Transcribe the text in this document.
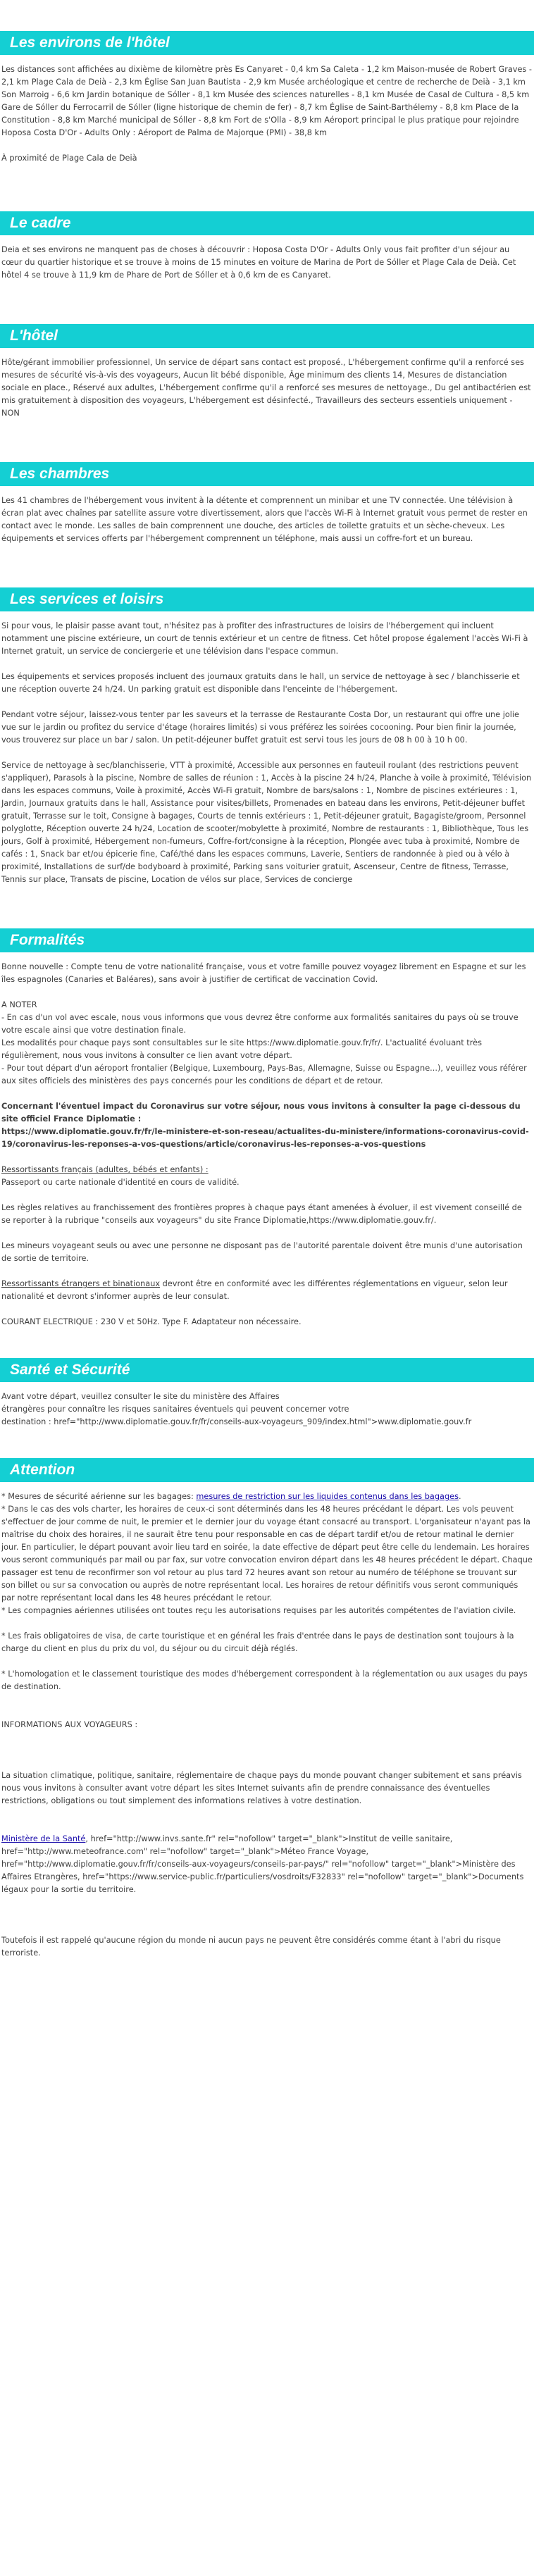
Les environs de l'hôtel

Les distances sont affichées au dixième de kilomètre près Es Canyaret - 0,4 km Sa Caleta - 1,2 km Maison-musée de Robert Graves - 2,1 km Plage Cala de Deià - 2,3 km Église San Juan Bautista - 2,9 km Musée archéologique et centre de recherche de Deià - 3,1 km Son Marroig - 6,6 km Jardin botanique de Sóller - 8,1 km Musée des sciences naturelles - 8,1 km Musée de Casal de Cultura - 8,5 km Gare de Sóller du Ferrocarril de Sóller (ligne historique de chemin de fer) - 8,7 km Église de Saint-Barthélemy - 8,8 km Place de la Constitution - 8,8 km Marché municipal de Sóller - 8,8 km Fort de s'Olla - 8,9 km Aéroport principal le plus pratique pour rejoindre Hoposa Costa D'Or - Adults Only : Aéroport de Palma de Majorque (PMI) - 38,8 km

À proximité de Plage Cala de Deià

Le cadre

Deia et ses environs ne manquent pas de choses à découvrir : Hoposa Costa D'Or - Adults Only vous fait profiter d'un séjour au cœur du quartier historique et se trouve à moins de 15 minutes en voiture de Marina de Port de Sóller et Plage Cala de Deià. Cet hôtel 4 se trouve à 11,9 km de Phare de Port de Sóller et à 0,6 km de es Canyaret.

L'hôtel

Hôte/gérant immobilier professionnel, Un service de départ sans contact est proposé., L'hébergement confirme qu'il a renforcé ses mesures de sécurité vis-à-vis des voyageurs, Aucun lit bébé disponible, Âge minimum des clients 14, Mesures de distanciation sociale en place., Réservé aux adultes, L'hébergement confirme qu'il a renforcé ses mesures de nettoyage., Du gel antibactérien est mis gratuitement à disposition des voyageurs, L'hébergement est désinfecté., Travailleurs des secteurs essentiels uniquement - NON

Les chambres

Les 41 chambres de l'hébergement vous invitent à la détente et comprennent un minibar et une TV connectée. Une télévision à écran plat avec chaînes par satellite assure votre divertissement, alors que l'accès Wi-Fi à Internet gratuit vous permet de rester en contact avec le monde. Les salles de bain comprennent une douche, des articles de toilette gratuits et un sèche-cheveux. Les équipements et services offerts par l'hébergement comprennent un téléphone, mais aussi un coffre-fort et un bureau.

Les services et loisirs

Si pour vous, le plaisir passe avant tout, n'hésitez pas à profiter des infrastructures de loisirs de l'hébergement qui incluent notamment une piscine extérieure, un court de tennis extérieur et un centre de fitness. Cet hôtel propose également l'accès Wi-Fi à Internet gratuit, un service de conciergerie et une télévision dans l'espace commun.

Les équipements et services proposés incluent des journaux gratuits dans le hall, un service de nettoyage à sec / blanchisserie et une réception ouverte 24 h/24. Un parking gratuit est disponible dans l'enceinte de l'hébergement.

Pendant votre séjour, laissez-vous tenter par les saveurs et la terrasse de Restaurante Costa Dor, un restaurant qui offre une jolie vue sur le jardin ou profitez du service d'étage (horaires limités) si vous préférez les soirées cocooning. Pour bien finir la journée, vous trouverez sur place un bar / salon. Un petit-déjeuner buffet gratuit est servi tous les jours de 08 h 00 à 10 h 00.

Service de nettoyage à sec/blanchisserie, VTT à proximité, Accessible aux personnes en fauteuil roulant (des restrictions peuvent s'appliquer), Parasols à la piscine, Nombre de salles de réunion : 1, Accès à la piscine 24 h/24, Planche à voile à proximité, Télévision dans les espaces communs, Voile à proximité, Accès Wi-Fi gratuit, Nombre de bars/salons : 1, Nombre de piscines extérieures : 1, Jardin, Journaux gratuits dans le hall, Assistance pour visites/billets, Promenades en bateau dans les environs, Petit-déjeuner buffet gratuit, Terrasse sur le toit, Consigne à bagages, Courts de tennis extérieurs : 1, Petit-déjeuner gratuit, Bagagiste/groom, Personnel polyglotte, Réception ouverte 24 h/24, Location de scooter/mobylette à proximité, Nombre de restaurants : 1, Bibliothèque, Tous les jours, Golf à proximité, Hébergement non-fumeurs, Coffre-fort/consigne à la réception, Plongée avec tuba à proximité, Nombre de cafés : 1, Snack bar et/ou épicerie fine, Café/thé dans les espaces communs, Laverie, Sentiers de randonnée à pied ou à vélo à proximité, Installations de surf/de bodyboard à proximité, Parking sans voiturier gratuit, Ascenseur, Centre de fitness, Terrasse, Tennis sur place, Transats de piscine, Location de vélos sur place, Services de concierge

Formalités

Bonne nouvelle : Compte tenu de votre nationalité française, vous et votre famille pouvez voyagez librement en Espagne et sur les îles espagnoles (Canaries et Baléares), sans avoir à justifier de certificat de vaccination Covid.

A NOTER

- En cas d'un vol avec escale, nous vous informons que vous devrez être conforme aux formalités sanitaires du pays où se trouve votre escale ainsi que votre destination finale.

Les modalités pour chaque pays sont consultables sur le site https://www.diplomatie.gouv.fr/fr/. L'actualité évoluant très régulièrement, nous vous invitons à consulter ce lien avant votre départ.

- Pour tout départ d'un aéroport frontalier (Belgique, Luxembourg, Pays-Bas, Allemagne, Suisse ou Espagne...), veuillez vous référer aux sites officiels des ministères des pays concernés pour les conditions de départ et de retour.

Concernant l'éventuel impact du Coronavirus sur votre séjour, nous vous invitons à consulter la page ci-dessous du site officiel France Diplomatie :

https://www.diplomatie.gouv.fr/fr/le-ministere-et-son-reseau/actualites-du-ministere/informations-coronavirus-covid-19/coronavirus-les-reponses-a-vos-questions/article/coronavirus-les-reponses-a-vos-questions

Ressortissants français (adultes, bébés et enfants) :

Passeport ou carte nationale d'identité en cours de validité.

Les règles relatives au franchissement des frontières propres à chaque pays étant amenées à évoluer, il est vivement conseillé de se reporter à la rubrique "conseils aux voyageurs" du site France Diplomatie,https://www.diplomatie.gouv.fr/.

Les mineurs voyageant seuls ou avec une personne ne disposant pas de l'autorité parentale doivent être munis d'une autorisation de sortie de territoire.

Ressortissants étrangers et binationaux devront être en conformité avec les différentes réglementations en vigueur, selon leur nationalité et devront s'informer auprès de leur consulat.

COURANT ELECTRIQUE : 230 V et 50Hz. Type F. Adaptateur non nécessaire.

Santé et Sécurité

Avant votre départ, veuillez consulter le site du ministère des Affaires

étrangères pour connaître les risques sanitaires éventuels qui peuvent concerner votre

destination : href="http://www.diplomatie.gouv.fr/fr/conseils-aux-voyageurs_909/index.html">www.diplomatie.gouv.fr

Attention

* Mesures de sécurité aérienne sur les bagages: mesures de restriction sur les liquides contenus dans les bagages.

* Dans le cas des vols charter, les horaires de ceux-ci sont déterminés dans les 48 heures précédant le départ. Les vols peuvent s'effectuer de jour comme de nuit, le premier et le dernier jour du voyage étant consacré au transport. L'organisateur n'ayant pas la maîtrise du choix des horaires, il ne saurait être tenu pour responsable en cas de départ tardif et/ou de retour matinal le dernier jour. En particulier, le départ pouvant avoir lieu tard en soirée, la date effective de départ peut être celle du lendemain. Les horaires vous seront communiqués par mail ou par fax, sur votre convocation environ départ dans les 48 heures précédent le départ. Chaque passager est tenu de reconfirmer son vol retour au plus tard 72 heures avant son retour au numéro de téléphone se trouvant sur son billet ou sur sa convocation ou auprès de notre représentant local. Les horaires de retour définitifs vous seront communiqués par notre représentant local dans les 48 heures précédant le retour.

* Les compagnies aériennes utilisées ont toutes reçu les autorisations requises par les autorités compétentes de l'aviation civile.

* Les frais obligatoires de visa, de carte touristique et en général les frais d'entrée dans le pays de destination sont toujours à la charge du client en plus du prix du vol, du séjour ou du circuit déjà réglés.

* L'homologation et le classement touristique des modes d'hébergement correspondent à la réglementation ou aux usages du pays de destination.

INFORMATIONS AUX VOYAGEURS :

La situation climatique, politique, sanitaire, réglementaire de chaque pays du monde pouvant changer subitement et sans préavis

nous vous invitons à consulter avant votre départ les sites Internet suivants afin de prendre connaissance des éventuelles restrictions, obligations ou tout simplement des informations relatives à votre destination.

Ministère de la Santé, href="http://www.invs.sante.fr" rel="nofollow" target="_blank">Institut de veille sanitaire, href="http://www.meteofrance.com" rel="nofollow" target="_blank">Méteo France Voyage, href="http://www.diplomatie.gouv.fr/fr/conseils-aux-voyageurs/conseils-par-pays/" rel="nofollow" target="_blank">Ministère des Affaires Etrangères, href="https://www.service-public.fr/particuliers/vosdroits/F32833" rel="nofollow" target="_blank">Documents légaux pour la sortie du territoire.

Toutefois il est rappelé qu'aucune région du monde ni aucun pays ne peuvent être considérés comme étant à l'abri du risque terroriste.
